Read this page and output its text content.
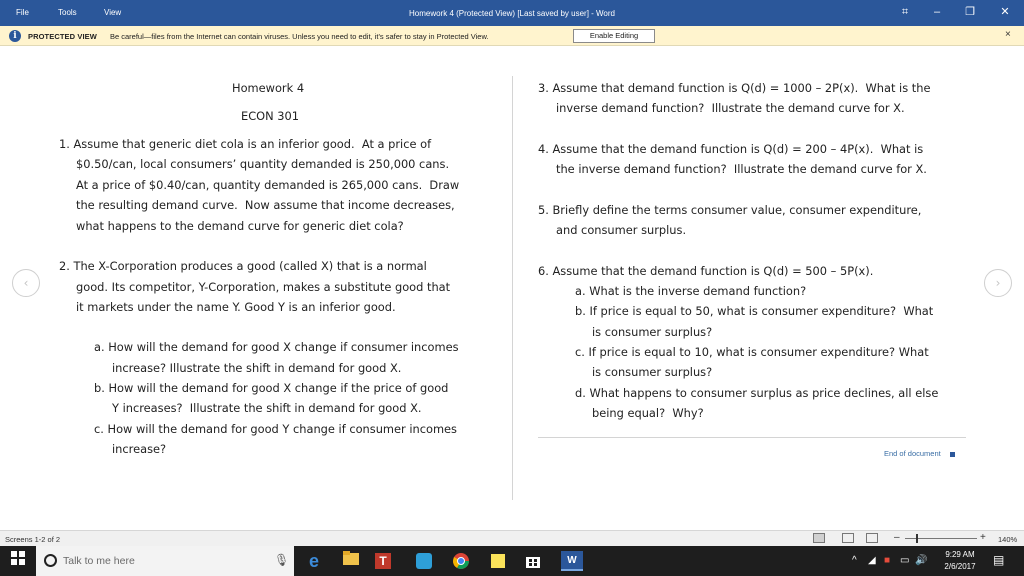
File	Tools	View	Homework 4 (Protected View) [Last saved by user] - Word	⌗	–	❐	✕
i	PROTECTED VIEW Be careful—files from the Internet can contain viruses. Unless you need to edit, it's safer to stay in Protected View.	Enable Editing	×
‹	›
Homework 4
ECON 301
1. Assume that generic diet cola is an inferior good.  At a price of
$0.50/can, local consumers’ quantity demanded is 250,000 cans.
At a price of $0.40/can, quantity demanded is 265,000 cans.  Draw
the resulting demand curve.  Now assume that income decreases,
what happens to the demand curve for generic diet cola?
2. The X-Corporation produces a good (called X) that is a normal
good. Its competitor, Y-Corporation, makes a substitute good that
it markets under the name Y. Good Y is an inferior good.
a. How will the demand for good X change if consumer incomes
increase? Illustrate the shift in demand for good X.
b. How will the demand for good X change if the price of good
Y increases?  Illustrate the shift in demand for good X.
c. How will the demand for good Y change if consumer incomes
increase?
3. Assume that demand function is Q(d) = 1000 – 2P(x).  What is the
inverse demand function?  Illustrate the demand curve for X.
4. Assume that the demand function is Q(d) = 200 – 4P(x).  What is
the inverse demand function?  Illustrate the demand curve for X.
5. Briefly define the terms consumer value, consumer expenditure,
and consumer surplus.
6. Assume that the demand function is Q(d) = 500 – 5P(x).
a. What is the inverse demand function?
b. If price is equal to 50, what is consumer expenditure?  What
is consumer surplus?
c. If price is equal to 10, what is consumer expenditure? What
is consumer surplus?
d. What happens to consumer surplus as price declines, all else
being equal?  Why?
End of document
Screens 1-2 of 2	–	+ 140%
Talk to me here	🎙 e	T	W	^ ◢ ■ ▭ 🔊
9:29 AM
2/6/2017	▤
